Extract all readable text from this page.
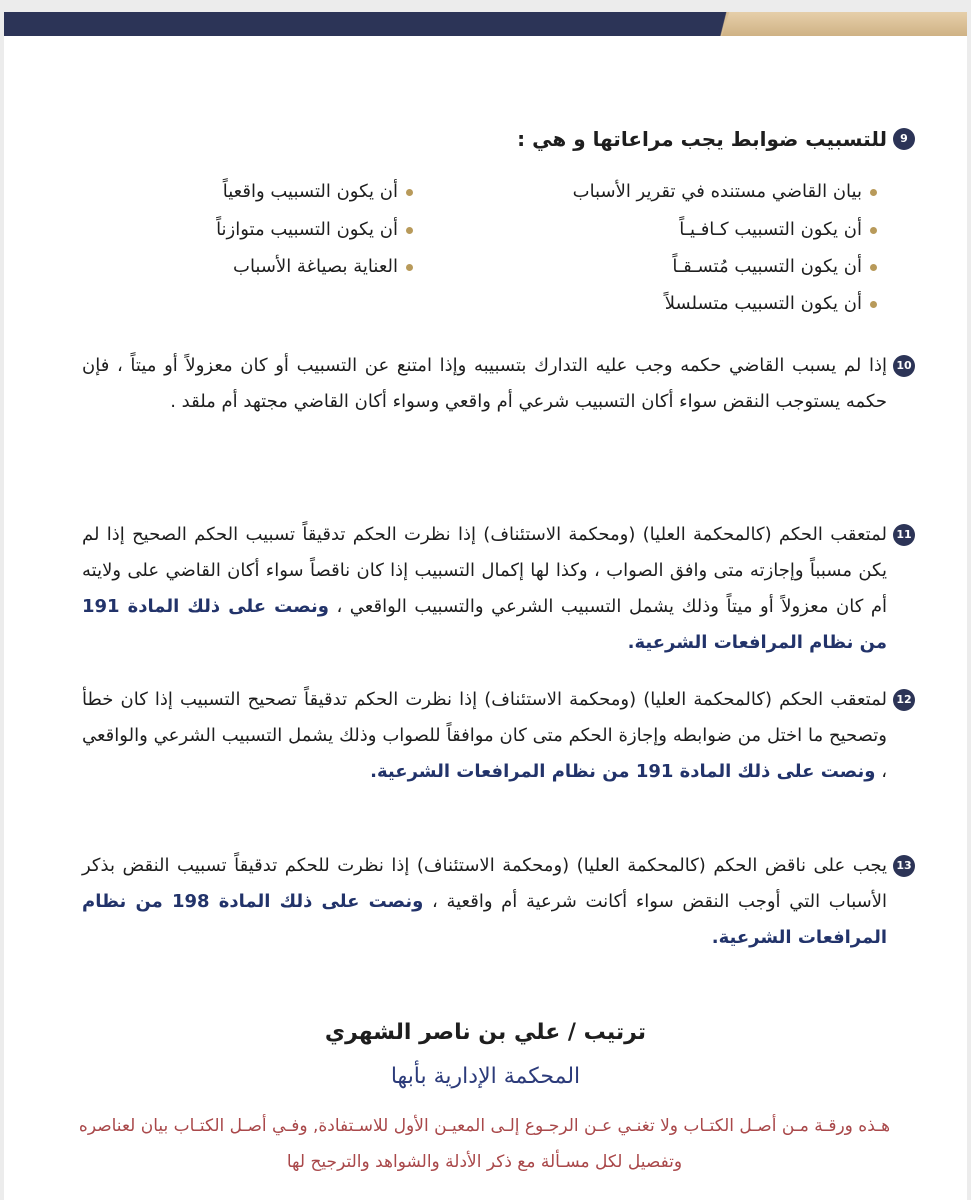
9
للتسبيب ضوابط يجب مراعاتها و هي :
بيان القاضي مستنده في تقرير الأسباب
أن يكون التسبيب كـافـيـاً
أن يكون التسبيب مُتسـقـاً
أن يكون التسبيب متسلسلاً
أن يكون التسبيب واقعياً
أن يكون التسبيب متوازناً
العناية بصياغة الأسباب
10
إذا لم يسبب القاضي حكمه وجب عليه التدارك بتسبيبه وإذا امتنع عن التسبيب أو كان معزولاً أو ميتاً ، فإن حكمه يستوجب النقض سواء أكان التسبيب شرعي أم واقعي وسواء أكان القاضي مجتهد أم ملقد .
11
لمتعقب الحكم (كالمحكمة العليا) (ومحكمة الاستئناف) إذا نظرت الحكم تدقيقاً تسبيب الحكم الصحيح إذا لم يكن مسبباً وإجازته متى وافق الصواب ، وكذا لها إكمال التسبيب إذا كان ناقصاً سواء أكان القاضي على ولايته أم كان معزولاً أو ميتاً وذلك يشمل التسبيب الشرعي والتسبيب الواقعي ، ونصت على ذلك المادة 191 من نظام المرافعات الشرعية.
12
لمتعقب الحكم (كالمحكمة العليا) (ومحكمة الاستئناف) إذا نظرت الحكم تدقيقاً تصحيح التسبيب إذا كان خطأ وتصحيح ما اختل من ضوابطه وإجازة الحكم متى كان موافقاً للصواب وذلك يشمل التسبيب الشرعي والواقعي ، ونصت على ذلك المادة 191 من نظام المرافعات الشرعية.
13
يجب على ناقض الحكم (كالمحكمة العليا) (ومحكمة الاستئناف) إذا نظرت للحكم تدقيقاً تسبيب النقض بذكر الأسباب التي أوجب النقض سواء أكانت شرعية أم واقعية ، ونصت على ذلك المادة 198 من نظام المرافعات الشرعية.
ترتيب / علي بن ناصر الشهري
المحكمة الإدارية بأبها
هـذه ورقـة مـن أصـل الكتـاب ولا تغنـي عـن الرجـوع إلـى المعيـن الأول للاسـتفادة, وفـي أصـل الكتـاب بيان لعناصره وتفصيل لكل مسـألة مع ذكر الأدلة والشواهد والترجيح لها
